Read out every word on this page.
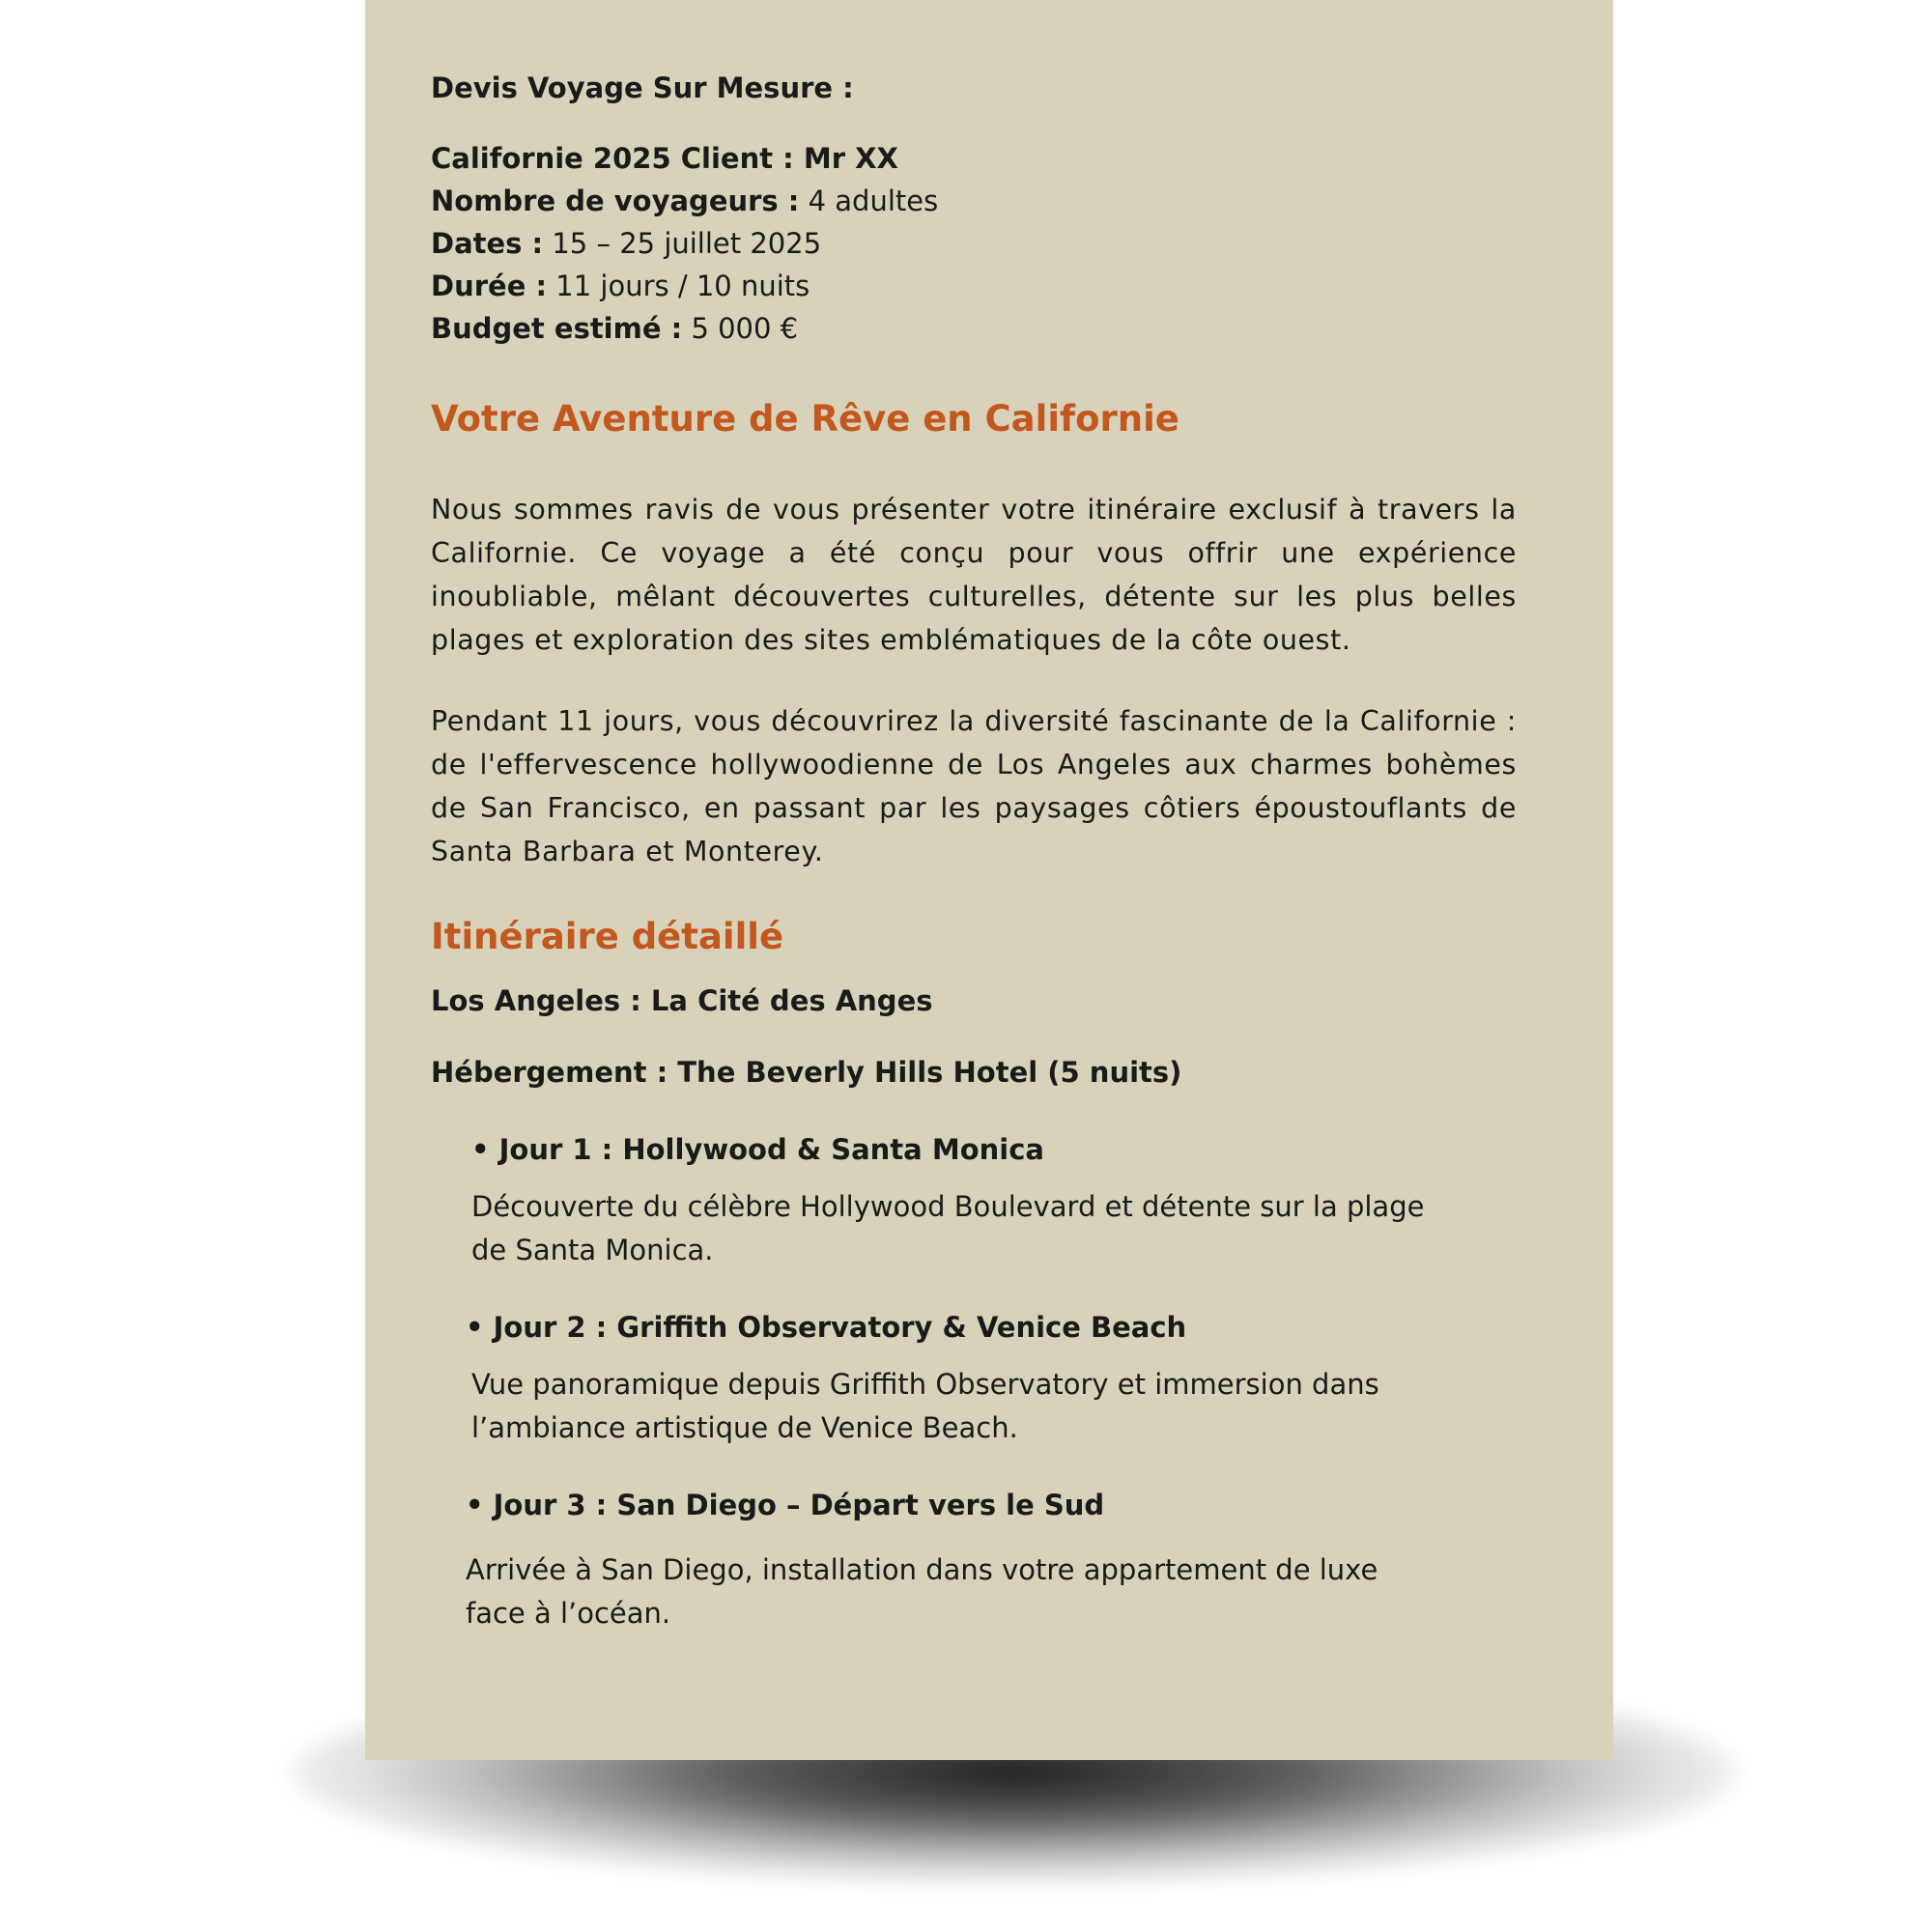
Devis Voyage Sur Mesure :

Californie 2025 Client : Mr XX
Nombre de voyageurs : 4 adultes
Dates : 15 – 25 juillet 2025
Durée : 11 jours / 10 nuits
Budget estimé : 5 000 €
Votre Aventure de Rêve en Californie

Nous sommes ravis de vous présenter votre itinéraire exclusif à travers la Californie. Ce voyage a été conçu pour vous offrir une expérience inoubliable, mêlant découvertes culturelles, détente sur les plus belles plages et exploration des sites emblématiques de la côte ouest.

Pendant 11 jours, vous découvrirez la diversité fascinante de la Californie : de l'effervescence hollywoodienne de Los Angeles aux charmes bohèmes de San Francisco, en passant par les paysages côtiers époustouflants de Santa Barbara et Monterey.

Itinéraire détaillé

Los Angeles : La Cité des Anges

Hébergement : The Beverly Hills Hotel (5 nuits)

• Jour 1 : Hollywood & Santa Monica

Découverte du célèbre Hollywood Boulevard et détente sur la plage de Santa Monica.

• Jour 2 : Griffith Observatory & Venice Beach

Vue panoramique depuis Griffith Observatory et immersion dans l’ambiance artistique de Venice Beach.

• Jour 3 : San Diego – Départ vers le Sud

Arrivée à San Diego, installation dans votre appartement de luxe face à l’océan.
